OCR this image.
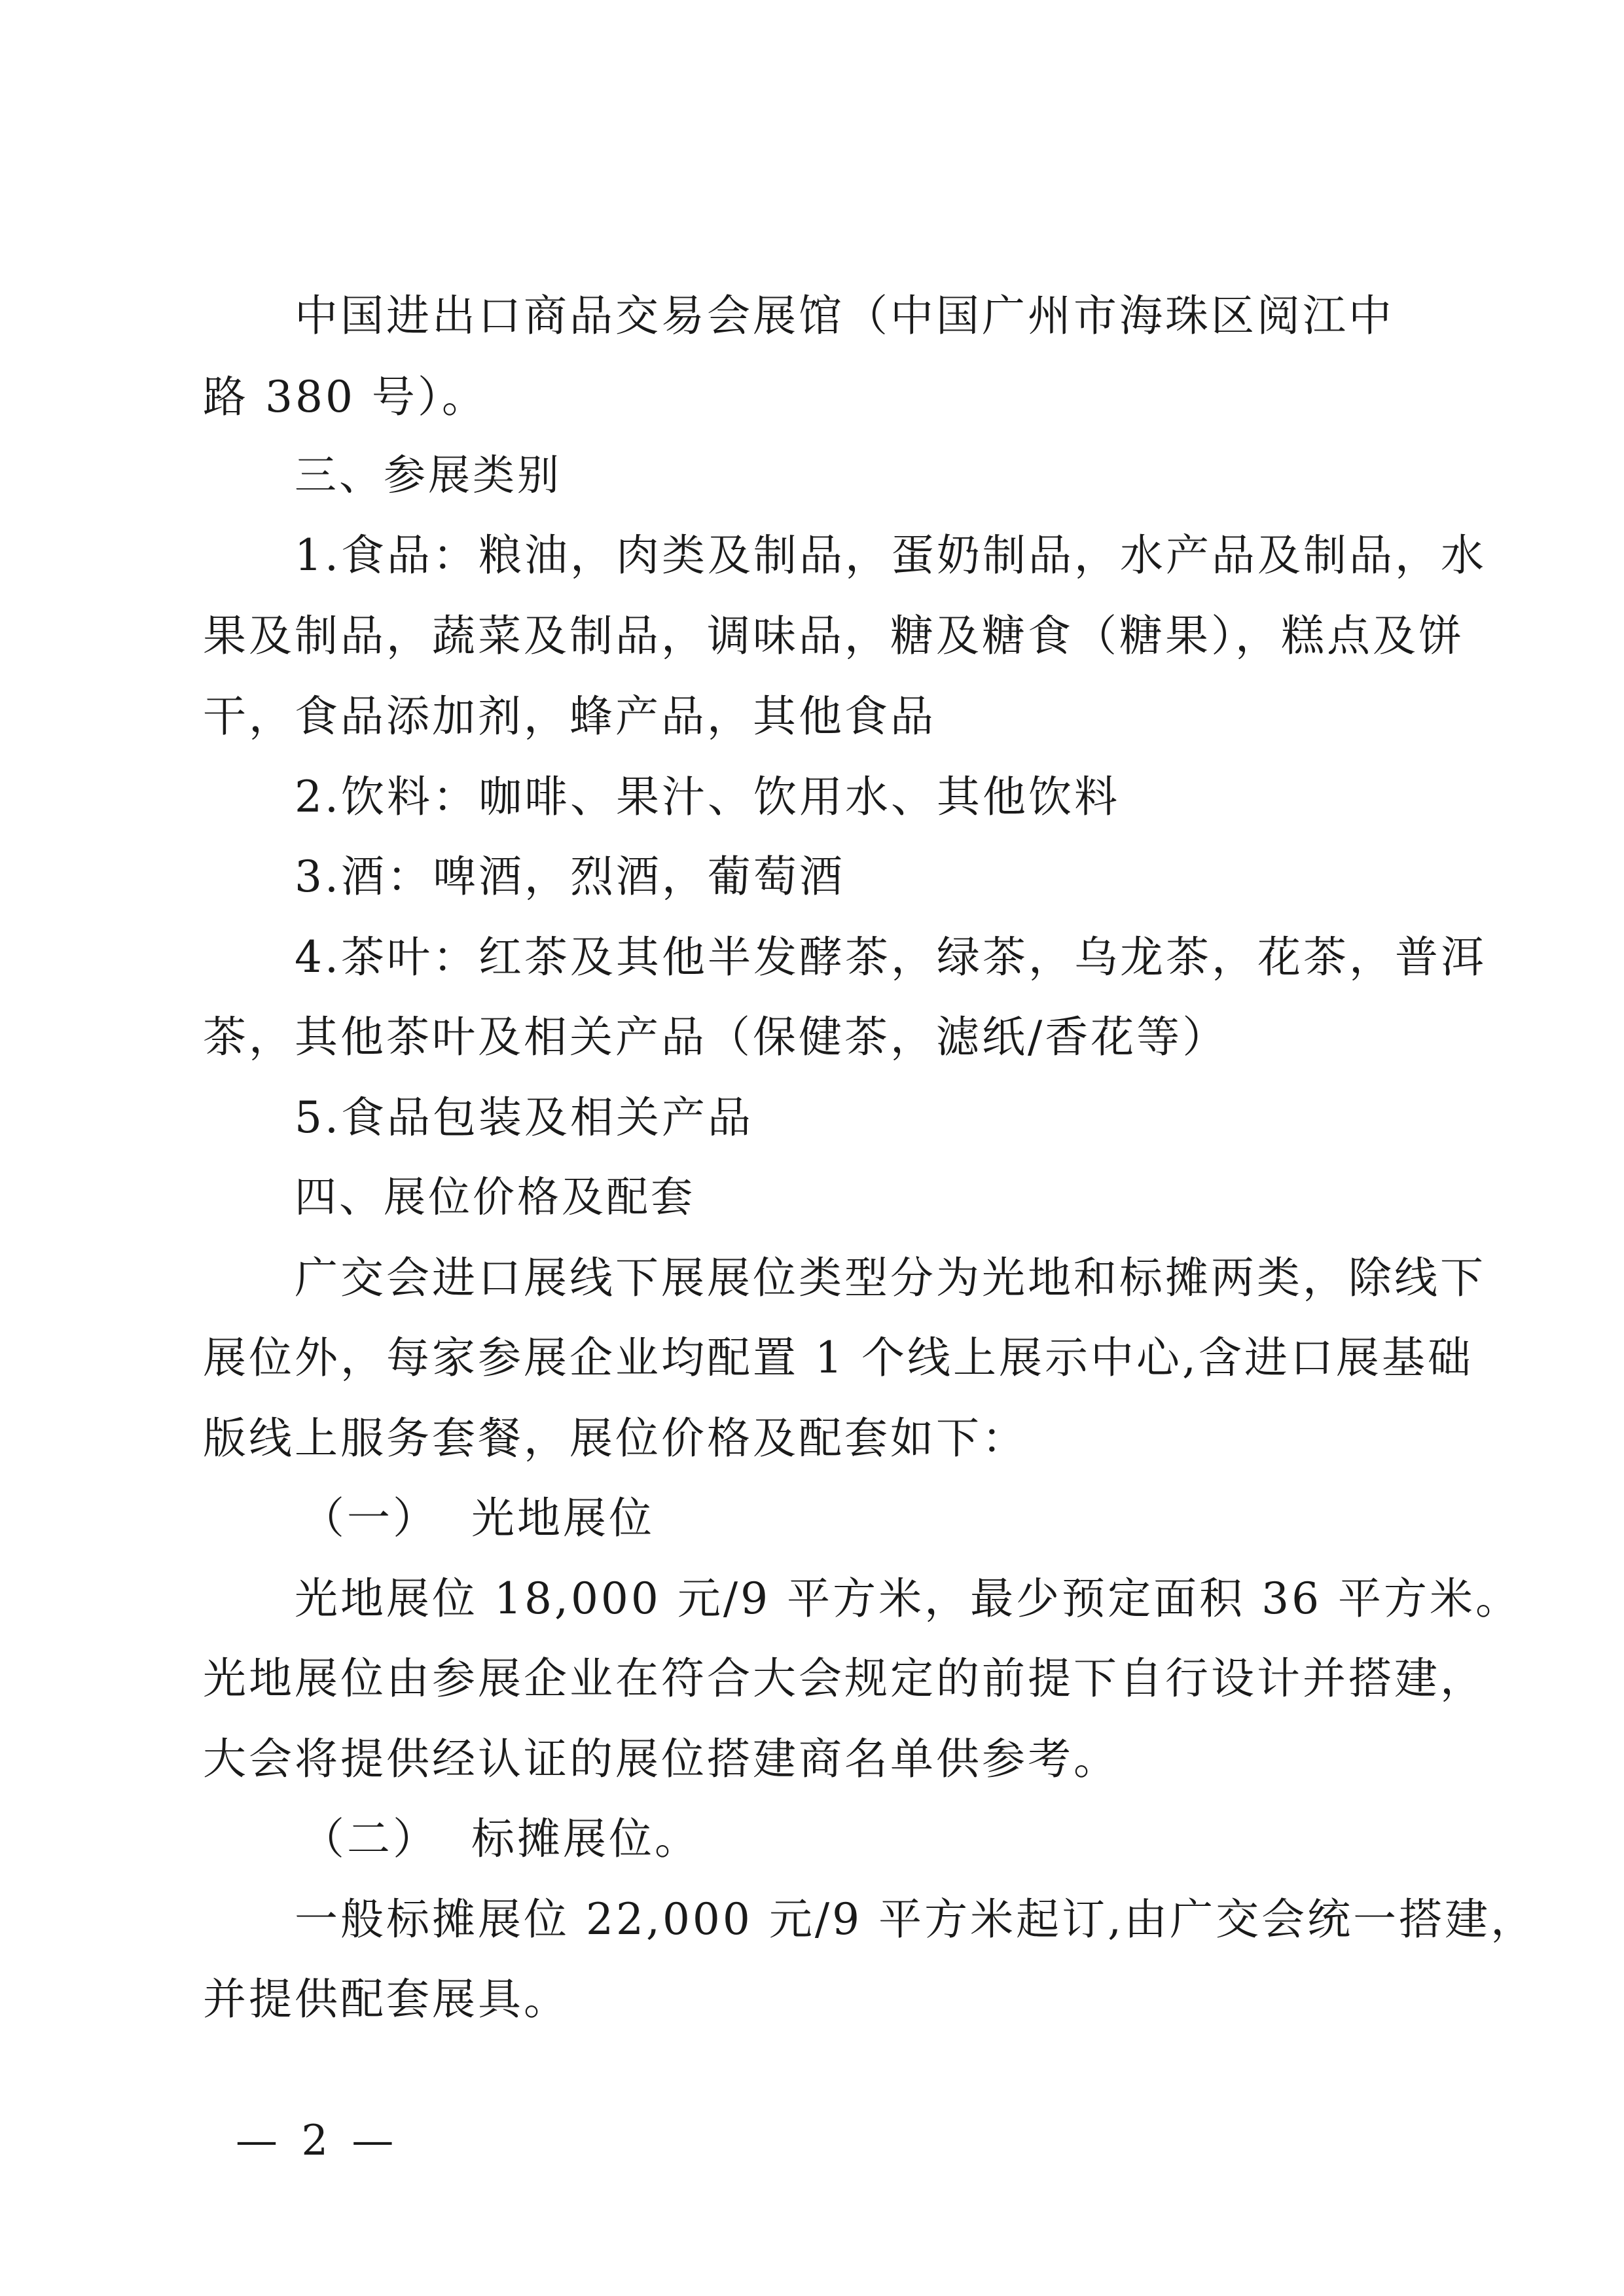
中国进出口商品交易会展馆（中国广州市海珠区阅江中
路 380 号）。
三、参展类别
1.食品：粮油，肉类及制品，蛋奶制品，水产品及制品，水
果及制品，蔬菜及制品，调味品，糖及糖食（糖果），糕点及饼
干，食品添加剂，蜂产品，其他食品
2.饮料：咖啡、果汁、饮用水、其他饮料
3.酒：啤酒，烈酒，葡萄酒
4.茶叶：红茶及其他半发酵茶，绿茶，乌龙茶，花茶，普洱
茶，其他茶叶及相关产品（保健茶，滤纸/香花等）
5.食品包装及相关产品
四、展位价格及配套
广交会进口展线下展展位类型分为光地和标摊两类，除线下
展位外，每家参展企业均配置 1 个线上展示中心,含进口展基础
版线上服务套餐，展位价格及配套如下：
（一）  光地展位
光地展位 18,000 元/9 平方米，最少预定面积 36 平方米。
光地展位由参展企业在符合大会规定的前提下自行设计并搭建，
大会将提供经认证的展位搭建商名单供参考。
（二）  标摊展位。
一般标摊展位 22,000 元/9 平方米起订,由广交会统一搭建，
并提供配套展具。
— 2 —
